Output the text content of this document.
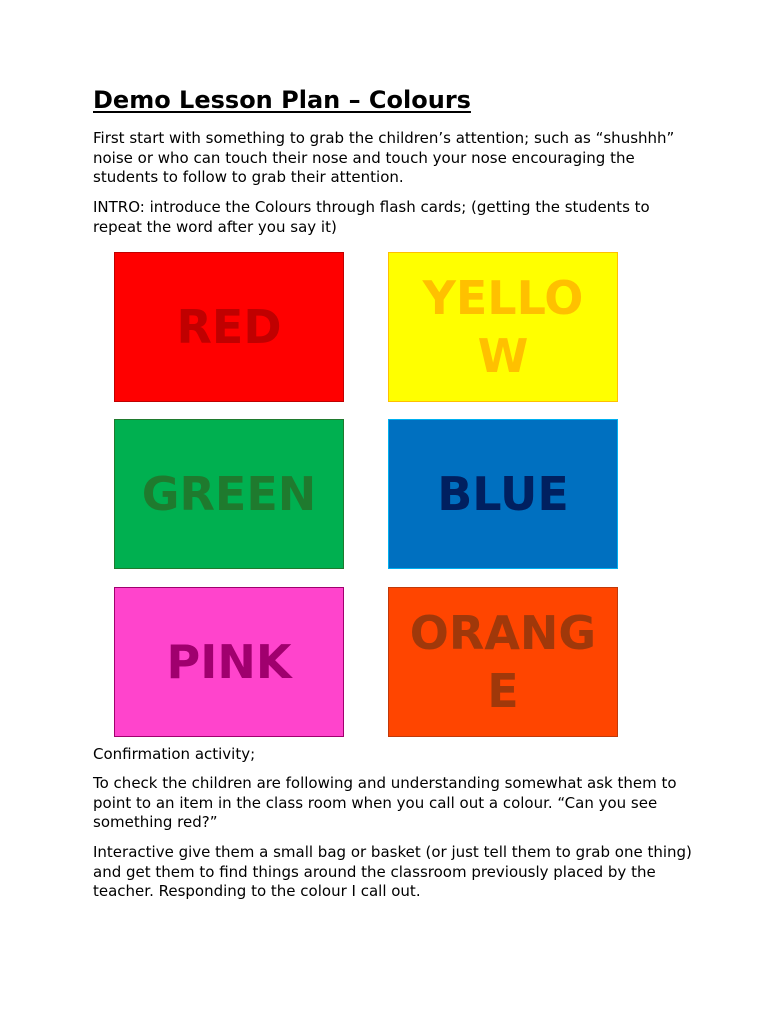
Demo Lesson Plan – Colours

First start with something to grab the children’s attention; such as “shushhh” noise or who can touch their nose and touch your nose encouraging the students to follow to grab their attention.

INTRO: introduce the Colours through flash cards; (getting the students to repeat the word after you say it)

RED
YELLOW
GREEN	BLUE
PINK
ORANGE

Confirmation activity;

To check the children are following and understanding somewhat ask them to point to an item in the class room when you call out a colour. “Can you see something red?”

Interactive give them a small bag or basket (or just tell them to grab one thing) and get them to find things around the classroom previously placed by the teacher. Responding to the colour I call out.
